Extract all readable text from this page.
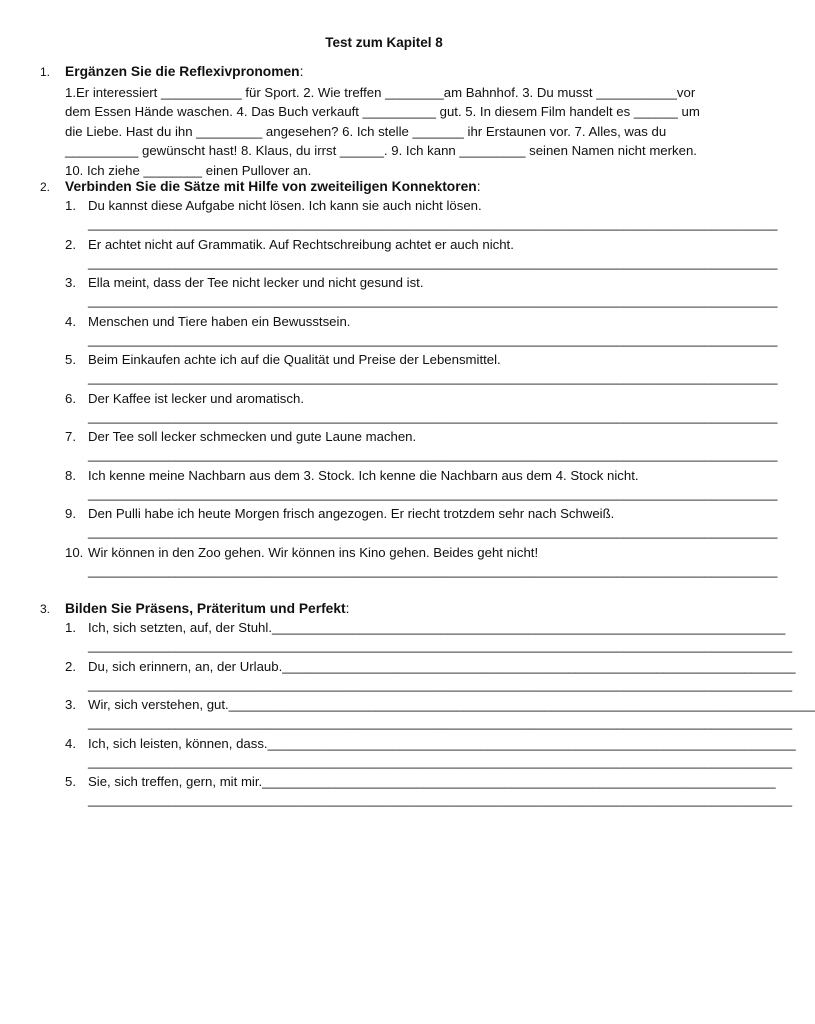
Test zum Kapitel 8
1.	Ergänzen Sie die Reflexivpronomen :
1.Er interessiert ___________ für Sport. 2. Wie treffen ________am Bahnhof. 3. Du musst ___________vor
dem Essen Hände waschen. 4. Das Buch verkauft __________ gut. 5. In diesem Film handelt es ______ um
die Liebe. Hast du ihn _________ angesehen? 6. Ich stelle _______ ihr Erstaunen vor. 7. Alles, was du
__________ gewünscht hast! 8. Klaus, du irrst ______. 9. Ich kann _________ seinen Namen nicht merken.
10. Ich ziehe ________ einen Pullover an.
2.	Verbinden Sie die Sätze mit Hilfe von zweiteiligen Konnektoren :
1. Du kannst diese Aufgabe nicht lösen. Ich kann sie auch nicht lösen.
______________________________________________________________________________________________
2. Er achtet nicht auf Grammatik. Auf Rechtschreibung achtet er auch nicht.
______________________________________________________________________________________________
3. Ella meint, dass der Tee nicht lecker und nicht gesund ist.
______________________________________________________________________________________________
4. Menschen und Tiere haben ein Bewusstsein.
______________________________________________________________________________________________
5. Beim Einkaufen achte ich auf die Qualität und Preise der Lebensmittel.
______________________________________________________________________________________________
6. Der Kaffee ist lecker und aromatisch.
______________________________________________________________________________________________
7. Der Tee soll lecker schmecken und gute Laune machen.
______________________________________________________________________________________________
8. Ich kenne meine Nachbarn aus dem 3. Stock. Ich kenne die Nachbarn aus dem 4. Stock nicht.
______________________________________________________________________________________________
9. Den Pulli habe ich heute Morgen frisch angezogen. Er riecht trotzdem sehr nach Schweiß.
______________________________________________________________________________________________
10. Wir können in den Zoo gehen. Wir können ins Kino gehen. Beides geht nicht!
______________________________________________________________________________________________
3.	Bilden Sie Präsens, Präteritum und Perfekt :
1. Ich, sich setzten, auf, der Stuhl.______________________________________________________________________
________________________________________________________________________________________________
2. Du, sich erinnern, an, der Urlaub.______________________________________________________________________
________________________________________________________________________________________________
3. Wir, sich verstehen, gut.________________________________________________________________________________
________________________________________________________________________________________________
4. Ich, sich leisten, können, dass.________________________________________________________________________
________________________________________________________________________________________________
5. Sie, sich treffen, gern, mit mir.______________________________________________________________________
________________________________________________________________________________________________
